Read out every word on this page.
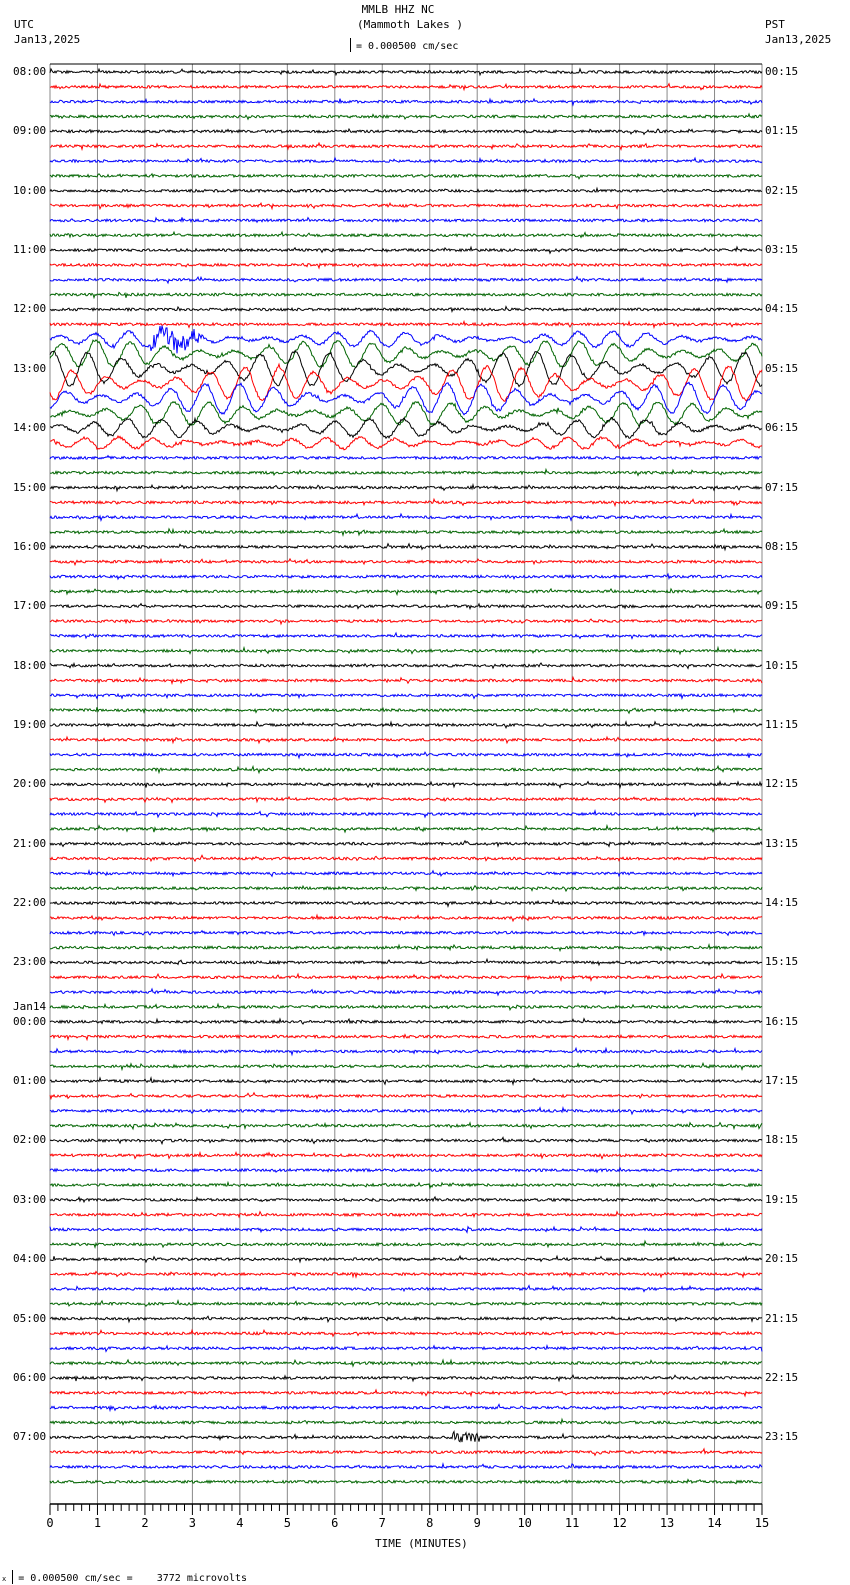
MMLB HHZ NC
(Mammoth Lakes )
UTC
Jan13,2025
PST
Jan13,2025
= 0.000500 cm/sec
TIME (MINUTES)
x = 0.000500 cm/sec =    3772 microvolts
0	1	2	3	4	5	6	7	8	9	10	11	12	13	14	15
08:00
09:00
10:00
11:00
12:00
13:00
14:00
15:00
16:00
17:00
18:00
19:00
20:00
21:00
22:00
23:00
00:00
Jan14
01:00
02:00
03:00
04:00
05:00
06:00
07:00
00:15
01:15
02:15
03:15
04:15
05:15
06:15
07:15
08:15
09:15
10:15
11:15
12:15
13:15
14:15
15:15
16:15
17:15
18:15
19:15
20:15
21:15
22:15
23:15
